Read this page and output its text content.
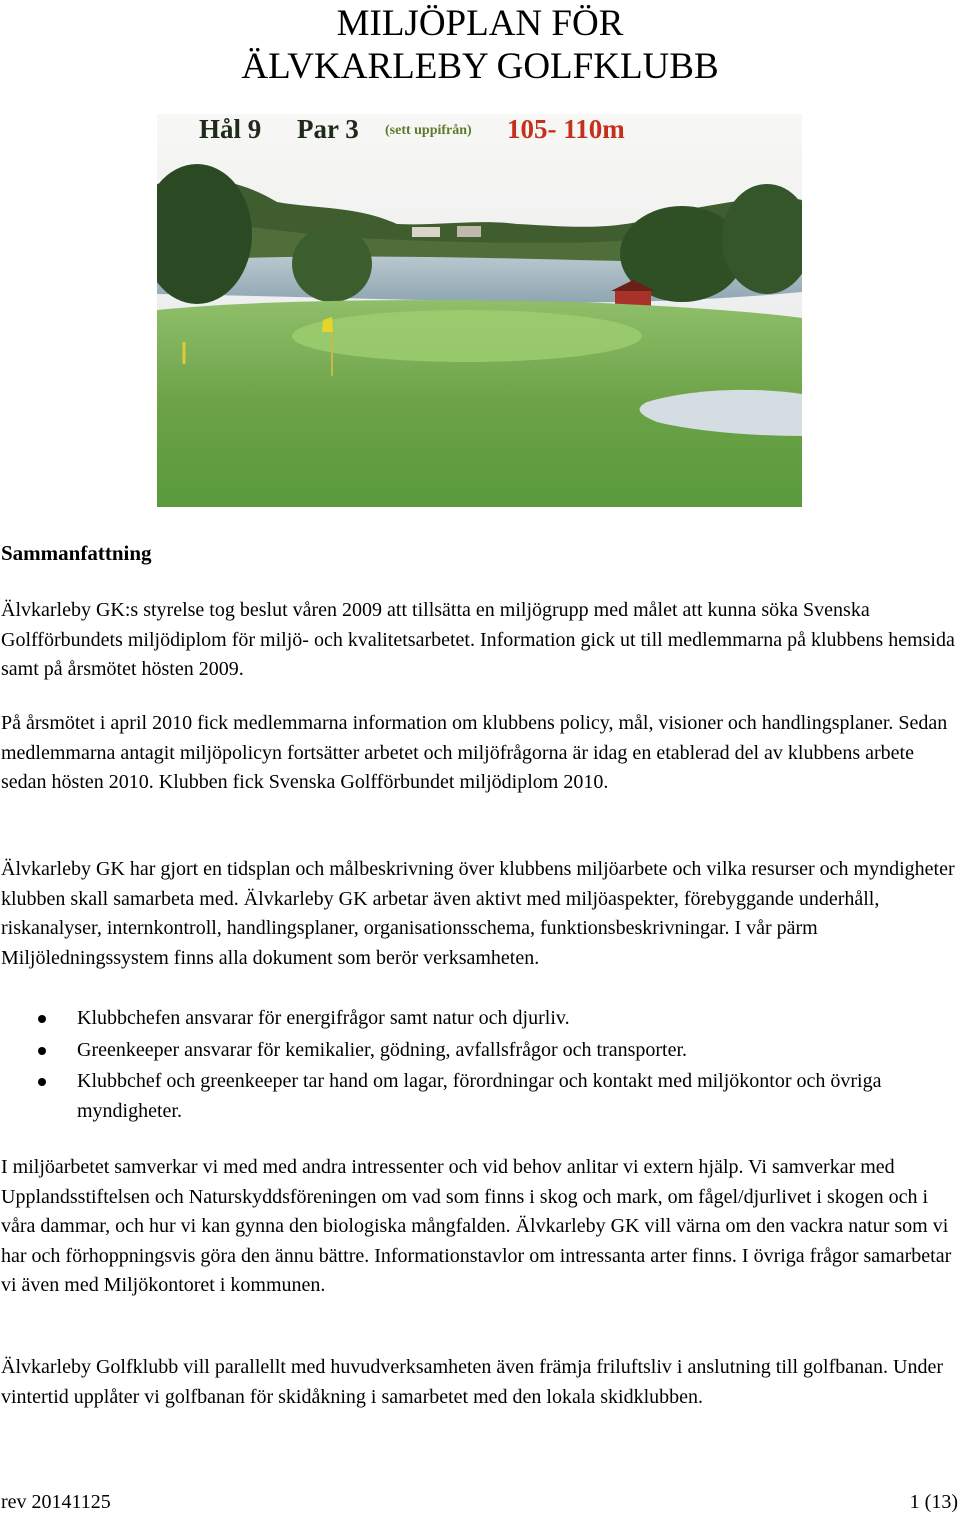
MILJÖPLAN FÖR
ÄLVKARLEBY GOLFKLUBB
Hål 9 Par 3 (sett uppifrån) 105- 110m
Sammanfattning

Älvkarleby GK:s styrelse tog beslut våren 2009 att tillsätta en miljögrupp med målet att kunna söka Svenska Golfförbundets miljödiplom för miljö- och kvalitetsarbetet. Information gick ut till medlemmarna på klubbens hemsida samt på årsmötet hösten 2009.

På årsmötet i april 2010 fick medlemmarna information om klubbens policy, mål, visioner och handlingsplaner. Sedan medlemmarna antagit miljöpolicyn fortsätter arbetet och miljöfrågorna är idag en etablerad del av klubbens arbete sedan hösten 2010. Klubben fick Svenska Golfförbundet miljödiplom 2010.

Älvkarleby GK har gjort en tidsplan och målbeskrivning över klubbens miljöarbete och vilka resurser och myndigheter klubben skall samarbeta med. Älvkarleby GK arbetar även aktivt med miljöaspekter, förebyggande underhåll, riskanalyser, internkontroll, handlingsplaner, organisationsschema, funktionsbeskrivningar. I vår pärm Miljöledningssystem finns alla dokument som berör verksamheten.

Klubbchefen ansvarar för energifrågor samt natur och djurliv.
Greenkeeper ansvarar för kemikalier, gödning, avfallsfrågor och transporter.
Klubbchef och greenkeeper tar hand om lagar, förordningar och kontakt med miljökontor och övriga myndigheter.

I miljöarbetet samverkar vi med med andra intressenter och vid behov anlitar vi extern hjälp. Vi samverkar med Upplandsstiftelsen och Naturskyddsföreningen om vad som finns i skog och mark, om fågel/djurlivet i skogen och i våra dammar, och hur vi kan gynna den biologiska mångfalden. Älvkarleby GK vill värna om den vackra natur som vi har och förhoppningsvis göra den ännu bättre. Informationstavlor om intressanta arter finns. I övriga frågor samarbetar vi även med Miljökontoret i kommunen.

Älvkarleby Golfklubb vill parallellt med huvudverksamheten även främja friluftsliv i anslutning till golfbanan. Under vintertid upplåter vi golfbanan för skidåkning i samarbetet med den lokala skidklubben.

rev 20141125	1 (13)
